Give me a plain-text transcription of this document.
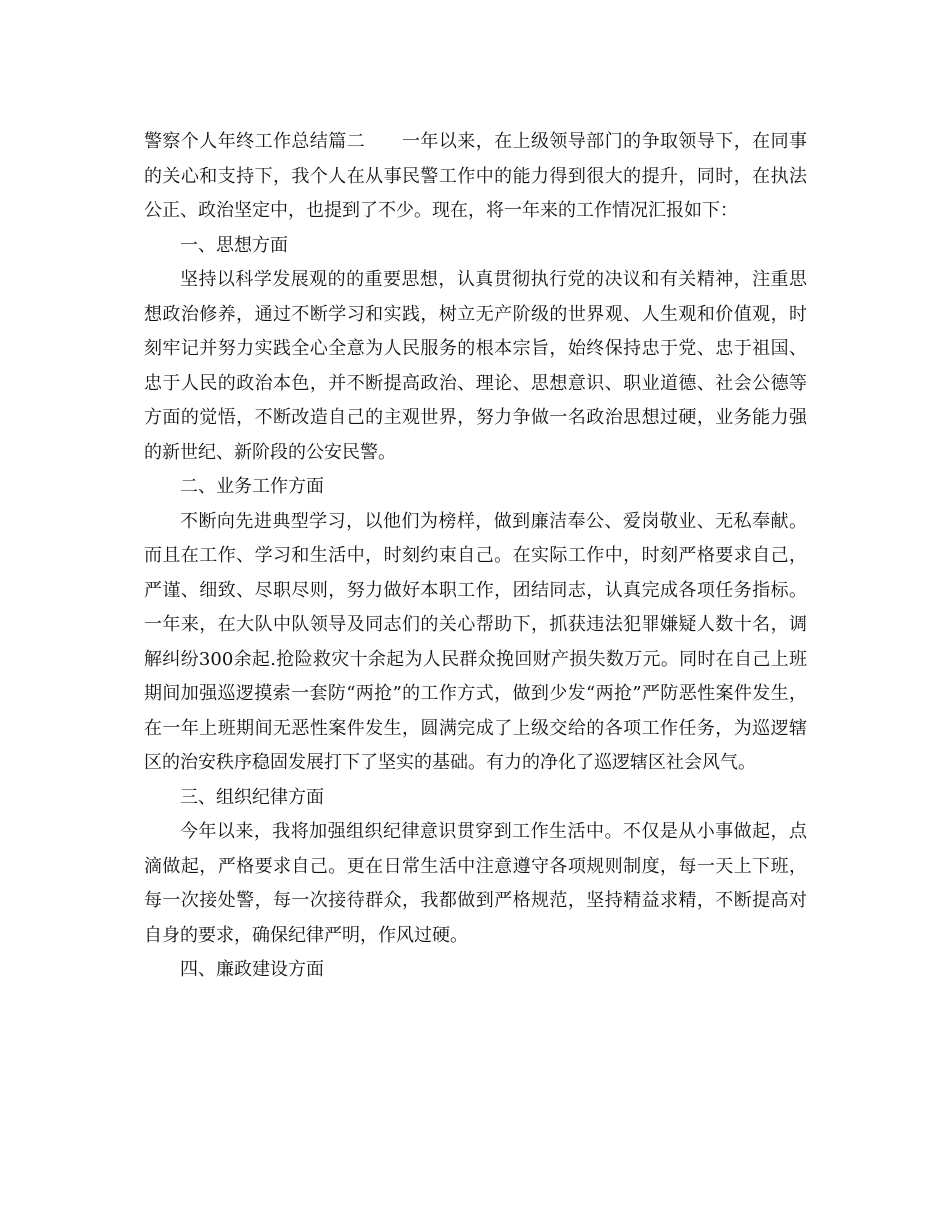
警察个人年终工作总结篇二　　一年以来，在上级领导部门的争取领导下，在同事的关心和支持下，我个人在从事民警工作中的能力得到很大的提升，同时，在执法公正、政治坚定中，也提到了不少。现在，将一年来的工作情况汇报如下：

一、思想方面

坚持以科学发展观的的重要思想，认真贯彻执行党的决议和有关精神，注重思想政治修养，通过不断学习和实践，树立无产阶级的世界观、人生观和价值观，时刻牢记并努力实践全心全意为人民服务的根本宗旨，始终保持忠于党、忠于祖国、忠于人民的政治本色，并不断提高政治、理论、思想意识、职业道德、社会公德等方面的觉悟，不断改造自己的主观世界，努力争做一名政治思想过硬，业务能力强的新世纪、新阶段的公安民警。

二、业务工作方面

不断向先进典型学习，以他们为榜样，做到廉洁奉公、爱岗敬业、无私奉献。而且在工作、学习和生活中，时刻约束自己。在实际工作中，时刻严格要求自己，严谨、细致、尽职尽则，努力做好本职工作，团结同志，认真完成各项任务指标。一年来，在大队中队领导及同志们的关心帮助下，抓获违法犯罪嫌疑人数十名，调解纠纷300余起.抢险救灾十余起为人民群众挽回财产损失数万元。同时在自己上班期间加强巡逻摸索一套防“两抢”的工作方式，做到少发“两抢”严防恶性案件发生，在一年上班期间无恶性案件发生，圆满完成了上级交给的各项工作任务，为巡逻辖区的治安秩序稳固发展打下了坚实的基础。有力的净化了巡逻辖区社会风气。

三、组织纪律方面

今年以来，我将加强组织纪律意识贯穿到工作生活中。不仅是从小事做起，点滴做起，严格要求自己。更在日常生活中注意遵守各项规则制度，每一天上下班，每一次接处警，每一次接待群众，我都做到严格规范，坚持精益求精，不断提高对自身的要求，确保纪律严明，作风过硬。

四、廉政建设方面
